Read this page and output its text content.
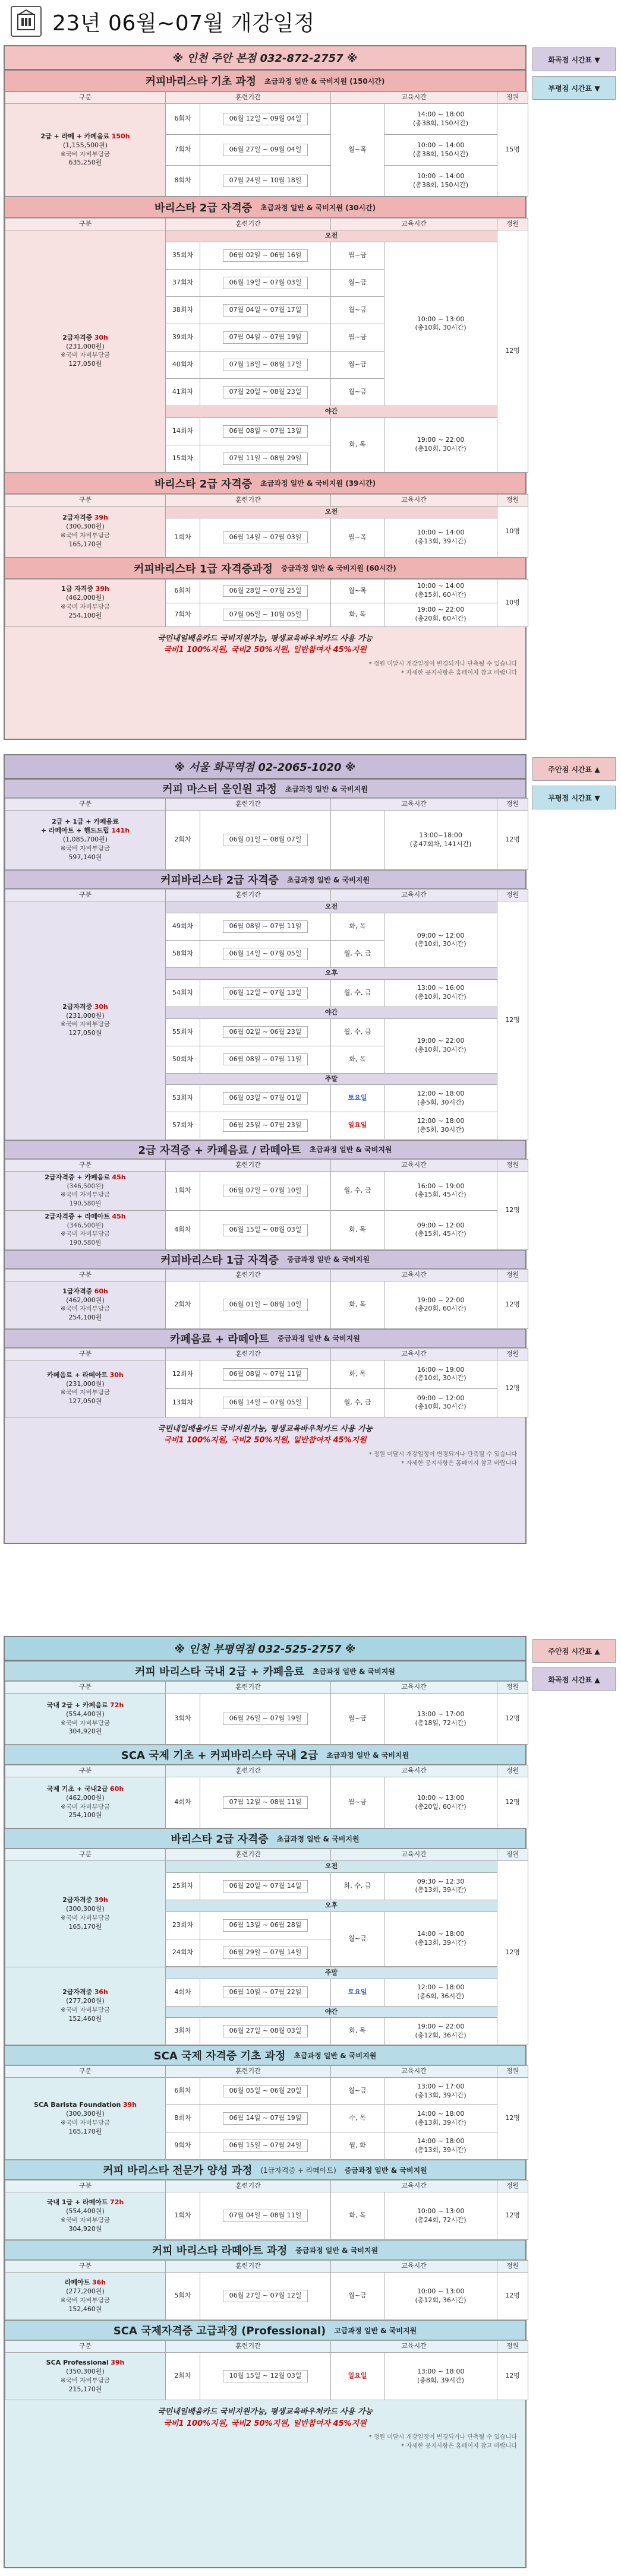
23년 06월~07월 개강일정
화곡점 시간표 ▼
부평점 시간표 ▼
※ 인천 주안 본점 032-872-2757 ※
커피바리스타 기초 과정 초급과정 일반 & 국비지원 (150시간)
구분	훈련기간		교육시간		정원
2급 + 라떼 + 카페음료 150h
(1,155,500원)
※국비 자비부담금
635,250원	6회차	06월 12일 ~ 09월 04일	월~목	14:00 ~ 18:00
(총38회, 150시간)	15명
	7회차	06월 27일 ~ 09월 04일		10:00 ~ 14:00
(총38회, 150시간)	
	8회차	07월 24일 ~ 10월 18일		10:00 ~ 14:00
(총38회, 150시간)	
바리스타 2급 자격증 초급과정 일반 & 국비지원 (30시간)
구분	훈련기간		교육시간		정원

2급자격증 30h
(231,000원)
※국비 자비부담금
127,050원	오전				12명
	35회차	06월 02일 ~ 06월 16일	월~금	10:00 ~ 13:00
(총10회, 30시간)	
	37회차	06월 19일 ~ 07월 03일	월~금		
	38회차	07월 04일 ~ 07월 17일	월~금		
	39회차	07월 04일 ~ 07월 19일	월~금		
	40회차	07월 18일 ~ 08월 17일	월~금		
	41회차	07월 20일 ~ 08월 23일	월~금		
	야간				
	14회차	06월 08일 ~ 07월 13일	화, 목	19:00 ~ 22:00
(총10회, 30시간)	
	15회차	07월 11일 ~ 08월 29일			
바리스타 2급 자격증 초급과정 일반 & 국비지원 (39시간)
구분	훈련기간		교육시간		정원
2급자격증 39h
(300,300원)
※국비 자비부담금
165,170원	오전				10명
	1회차	06월 14일 ~ 07월 03일	월~목	10:00 ~ 14:00
(총13회, 39시간)	
커피바리스타 1급 자격증과정 중급과정 일반 & 국비지원 (60시간)
1급 자격증 39h
(462,000원)
※국비 자비부담금
254,100원	6회차	06월 28일 ~ 07월 25일	월~목	10:00 ~ 14:00
(총15회, 60시간)	10명
	7회차	07월 06일 ~ 10월 05일	화, 목	19:00 ~ 22:00
(총20회, 60시간)	
국민내일배움카드 국비지원가능, 평생교육바우처카드 사용 가능
국비1 100%지원, 국비2 50%지원, 일반참여자 45%지원
* 정원 미달시 개강일정이 변경되거나 단축될 수 있습니다
* 자세한 공지사항은 홈페이지 참고 바랍니다
주안점 시간표 ▲
부평점 시간표 ▼
※ 서울 화곡역점 02-2065-1020 ※
커피 마스터 올인원 과정 초급과정 일반 & 국비지원
구분	훈련기간		교육시간		정원
2급 + 1급 + 카페음료
+ 라떼아트 + 핸드드립 141h
(1,085,700원)
※국비 자비부담금
597,140원	2회차	06월 01일 ~ 08월 07일		13:00~18:00
(총47회차, 141시간)	12명
커피바리스타 2급 자격증 초급과정 일반 & 국비지원
구분	훈련기간		교육시간		정원
2급자격증 30h
(231,000원)
※국비 자비부담금
127,050원	오전				12명
	49회차	06월 08일 ~ 07월 11일	화, 목	09:00 ~ 12:00
(총10회, 30시간)	
	58회차	06월 14일 ~ 07월 05일	월, 수, 금		
	오후				
	54회차	06월 12일 ~ 07월 13일	월, 수, 금	13:00 ~ 16:00
(총10회, 30시간)	
	야간				
	55회차	06월 02일 ~ 06월 23일	월, 수, 금	19:00 ~ 22:00
(총10회, 30시간)	
	50회차	06월 08일 ~ 07월 11일	화, 목		
	주말				
	53회차	06월 03일 ~ 07월 01일	토요일	12:00 ~ 18:00
(총5회, 30시간)	
	57회차	06월 25일 ~ 07월 23일	일요일	12:00 ~ 18:00
(총5회, 30시간)	

2급 자격증 + 카페음료 / 라떼아트 초급과정 일반 & 국비지원
구분	훈련기간		교육시간		정원
2급자격증 + 카페음료 45h
(346,500원)
※국비 자비부담금
190,580원	1회차	06월 07일 ~ 07월 10일	월, 수, 금	16:00 ~ 19:00
(총15회, 45시간)	12명
2급자격증 + 라떼아트 45h
(346,500원)
※국비 자비부담금
190,580원	4회차	06월 15일 ~ 08월 03일	화, 목	09:00 ~ 12:00
(총15회, 45시간)	
커피바리스타 1급 자격증 중급과정 일반 & 국비지원
구분	훈련기간		교육시간		정원
1급자격증 60h
(462,000원)
※국비 자비부담금
254,100원	2회차	06월 01일 ~ 08월 10일	화, 목	19:00 ~ 22:00
(총20회, 60시간)	12명
카페음료 + 라떼아트 중급과정 일반 & 국비지원
구분	훈련기간		교육시간		정원
카페음료 + 라떼아트 30h
(231,000원)
※국비 자비부담금
127,050원	12회차	06월 08일 ~ 07월 11일	화, 목	16:00 ~ 19:00
(총10회, 30시간)	12명
	13회차	06월 14일 ~ 07월 05일	월, 수, 금	09:00 ~ 12:00
(총10회, 30시간)	
국민내일배움카드 국비지원가능, 평생교육바우처카드 사용 가능
국비1 100%지원, 국비2 50%지원, 일반참여자 45%지원
* 정원 미달시 개강일정이 변경되거나 단축될 수 있습니다
* 자세한 공지사항은 홈페이지 참고 바랍니다
주안점 시간표 ▲
화곡점 시간표 ▲
※ 인천 부평역점 032-525-2757 ※
커피 바리스타 국내 2급 + 카페음료 초급과정 일반 & 국비지원
구분	훈련기간		교육시간		정원
국내 2급 + 카페음료 72h
(554,400원)
※국비 자비부담금
304,920원	3회차	06월 26일 ~ 07월 19일	월~금	13:00 ~ 17:00
(총18일, 72시간)	12명
SCA 국제 기초 + 커피바리스타 국내 2급 초급과정 일반 & 국비지원
구분	훈련기간		교육시간		정원
국제 기초 + 국내2급 60h
(462,000원)
※국비 자비부담금
254,100원	4회차	07월 12일 ~ 08월 11일	월~금	10:00 ~ 13:00
(총20일, 60시간)	12명
바리스타 2급 자격증 초급과정 일반 & 국비지원
구분	훈련기간		교육시간		정원
2급자격증 39h
(300,300원)
※국비 자비부담금
165,170원	오전				12명
	25회차	06월 20일 ~ 07월 14일	화, 수, 금	09:30 ~ 12:30
(총13회, 39시간)	
	오후				
	23회차	06월 13일 ~ 06월 28일	월~금	14:00 ~ 18:00
(총13회, 39시간)	
	24회차	06월 29일 ~ 07월 14일			

2급자격증 36h
(277,200원)
※국비 자비부담금
152,460원	주말				
	4회차	06월 10일 ~ 07월 22일	토요일	12:00 ~ 18:00
(총6회, 36시간)	
	야간				
	3회차	06월 27일 ~ 08월 03일	화, 목	19:00 ~ 22:00
(총12회, 36시간)	
SCA 국제 자격증 기초 과정 초급과정 일반 & 국비지원
구분	훈련기간		교육시간		정원
SCA Barista Foundation 39h
(300,300원)
※국비 자비부담금
165,170원	6회차	06월 05일 ~ 06월 20일	월~금	13:00 ~ 17:00
(총13회, 39시간)	12명
	8회차	06월 14일 ~ 07월 19일	수, 목	14:00 ~ 18:00
(총13회, 39시간)	
	9회차	06월 15일 ~ 07월 24일	월, 화	14:00 ~ 18:00
(총13회, 39시간)	
커피 바리스타 전문가 양성 과정 (1급자격증 + 라떼아트) 중급과정 일반 & 국비지원
구분	훈련기간		교육시간		정원
국내 1급 + 라떼아트 72h
(554,400원)
※국비 자비부담금
304,920원	1회차	07월 04일 ~ 08월 11일	화, 목	10:00 ~ 13:00
(총24회, 72시간)	12명
커피 바리스타 라떼아트 과정 중급과정 일반 & 국비지원
구분	훈련기간		교육시간		정원
라떼아트 36h
(277,200원)
※국비 자비부담금
152,460원	5회차	06월 27일 ~ 07월 12일	월~금	10:00 ~ 13:00
(총12회, 36시간)	12명
SCA 국제자격증 고급과정 (Professional) 고급과정 일반 & 국비지원
구분	훈련기간		교육시간		정원
SCA Professional 39h
(350,300원)
※국비 자비부담금
215,170원	2회차	10월 15일 ~ 12월 03일	일요일	13:00 ~ 18:00
(총8회, 39시간)	12명
국민내일배움카드 국비지원가능, 평생교육바우처카드 사용 가능
국비1 100%지원, 국비2 50%지원, 일반참여자 45%지원
* 정원 미달시 개강일정이 변경되거나 단축될 수 있습니다
* 자세한 공지사항은 홈페이지 참고 바랍니다
